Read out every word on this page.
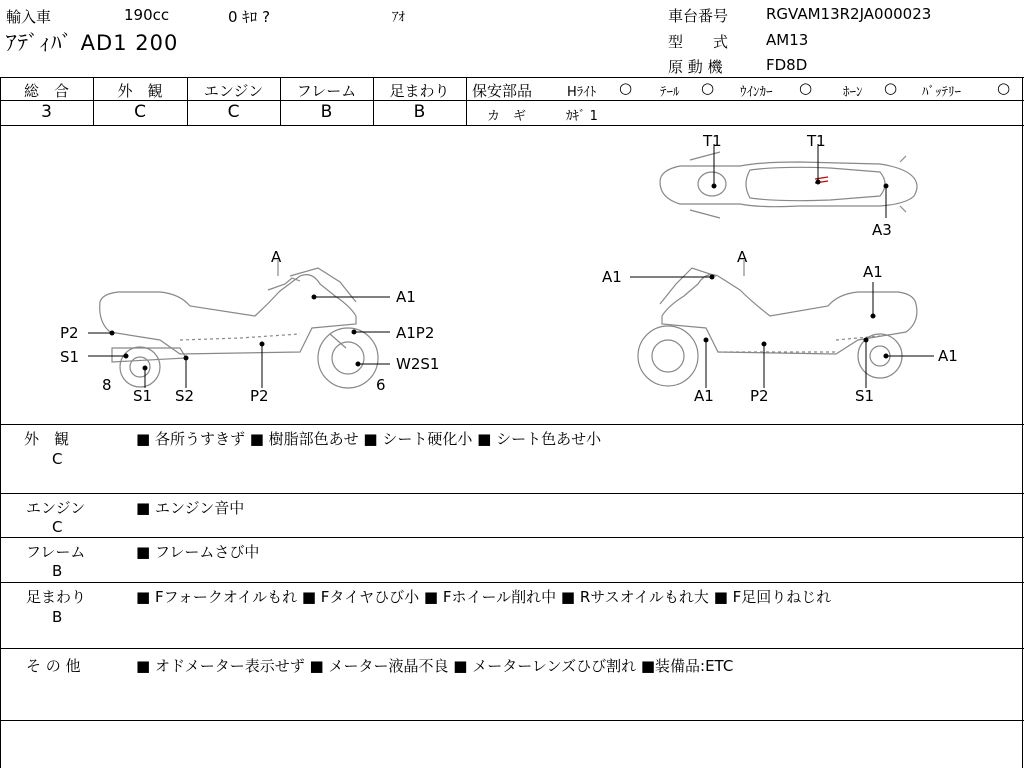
輸入車	190cc	0 ｷﾛ ?	ｱｵ
ｱﾃﾞｨﾊﾞ AD1 200
車台番号	RGVAM13R2JA000023
型　　式	AM13
原 動 機	FD8D
総　合	外　観	エンジン	フレーム	足まわり
3	C	C	B	B
保安部品	Hﾗｲﾄ ○ ﾃｰﾙ ○ ｳｲﾝｶｰ ○ ﾎｰﾝ ○ ﾊﾞｯﾃﾘｰ ○
カ　ギ	ｶｷﾞ 1
A
A1
P2	A1P2
S1	W2S1
8	6
S1 S2	P2
A1
A
A1
A1
A1 P2	S1
T1	T1
A3
外　観
C
■ 各所うすきず ■ 樹脂部色あせ ■ シート硬化小 ■ シート色あせ小
エンジン
C
■ エンジン音中
フレーム
B
■ フレームさび中
足まわり
B
■ Fフォークオイルもれ ■ Fタイヤひび小 ■ Fホイール削れ中 ■ Rサスオイルもれ大 ■ F足回りねじれ
そ の 他	■ オドメーター表示せず ■ メーター液晶不良 ■ メーターレンズひび割れ ■装備品:ETC
